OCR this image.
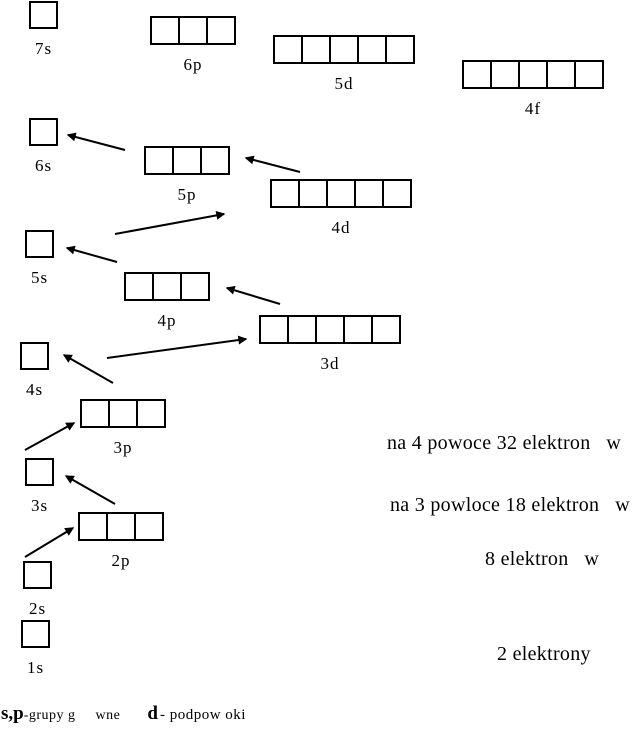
7s
6p
5d
4f
6s
5p
4d
5s
4p
3d
4s
3p
3s
2p
2s
1s
na 4 powoce 32 elektron   w
na 3 powloce 18 elektron   w
8 elektron   w
2 elektrony
s,p -grupy g wne d - podpow oki
